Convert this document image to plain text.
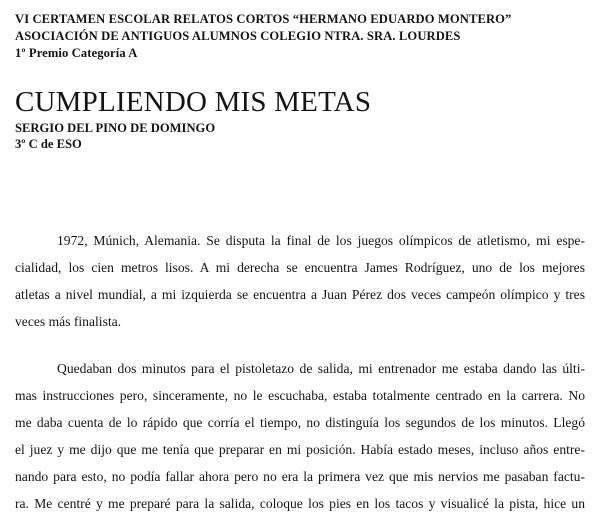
VI CERTAMEN ESCOLAR RELATOS CORTOS “HERMANO EDUARDO MONTERO”
ASOCIACIÓN DE ANTIGUOS ALUMNOS COLEGIO NTRA. SRA. LOURDES
1º Premio Categoría A
CUMPLIENDO MIS METAS
SERGIO DEL PINO DE DOMINGO
3º C de ESO
1972, Múnich, Alemania. Se disputa la final de los juegos olímpicos de atletismo, mi espe-
cialidad, los cien metros lisos. A mi derecha se encuentra James Rodríguez, uno de los mejores
atletas a nivel mundial, a mi izquierda se encuentra a Juan Pérez dos veces campeón olímpico y tres
veces más finalista.
Quedaban dos minutos para el pistoletazo de salida, mi entrenador me estaba dando las últi-
mas instrucciones pero, sinceramente, no le escuchaba, estaba totalmente centrado en la carrera. No
me daba cuenta de lo rápido que corría el tiempo, no distinguía los segundos de los minutos. Llegó
el juez y me dijo que me tenía que preparar en mi posición. Había estado meses, incluso años entre-
nando para esto, no podía fallar ahora pero no era la primera vez que mis nervios me pasaban factu-
ra. Me centré y me preparé para la salida, coloque los pies en los tacos y visualicé la pista, hice un
